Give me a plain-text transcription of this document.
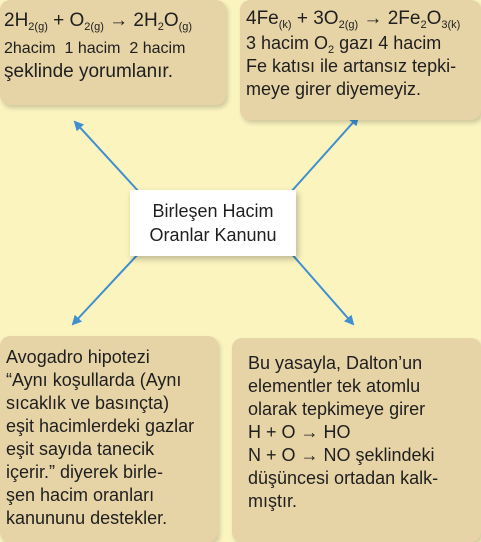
$2H_{2(g)} + O_{2(g)} \to 2H_2O_{(g)}$
2hacim  1 hacim  2 hacim
şeklinde yorumlanır.
$4Fe_{(k)} + 3O_{2(g)} \to 2Fe_2O_{3(k)}$
3 hacim $O_2$ gazı 4 hacim
Fe katısı ile artansız tepki-
meye girer diyemeyiz.
Birleşen Hacim
Oranlar Kanunu
Avogadro hipotezi
“Aynı koşullarda (Aynı
sıcaklık ve basınçta)
eşit hacimlerdeki gazlar
eşit sayıda tanecik
içerir.” diyerek birle-
şen hacim oranları
kanununu destekler.
Bu yasayla, Dalton’un
elementler tek atomlu
olarak tepkimeye girer
H + O → HO
N + O → NO şeklindeki
düşüncesi ortadan kalk-
mıştır.
